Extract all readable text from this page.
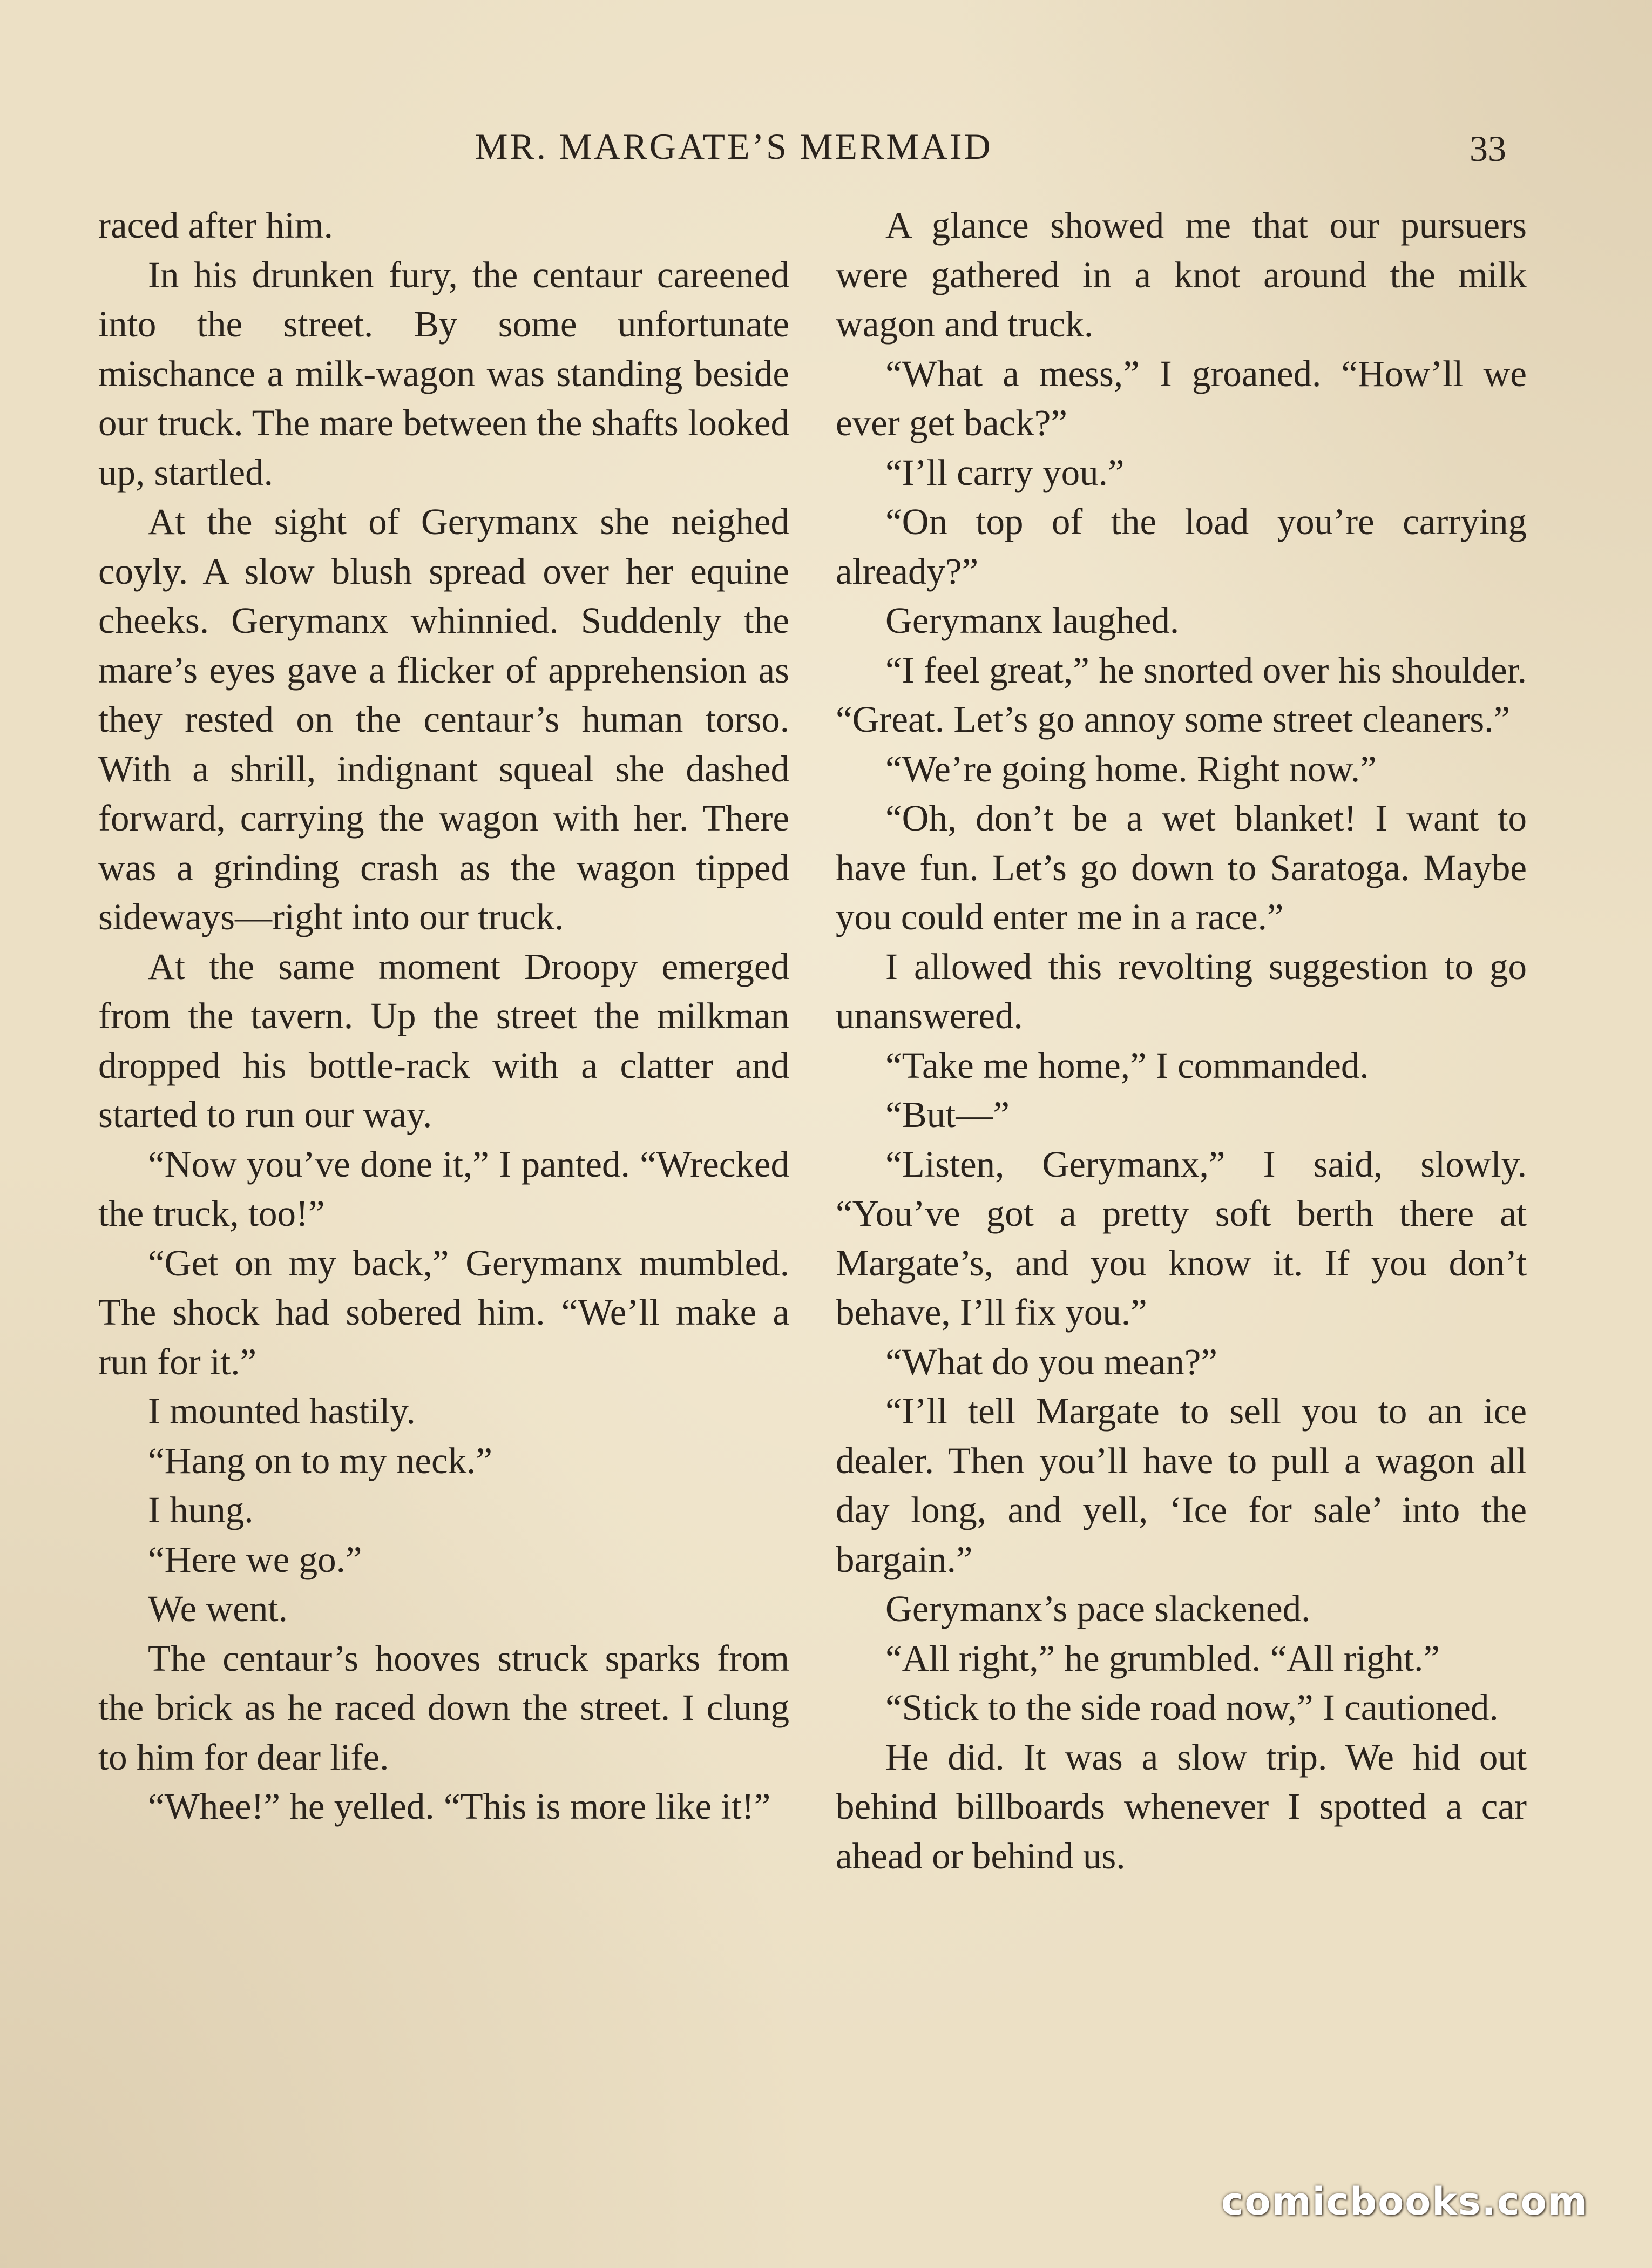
MR. MARGATE’S MERMAID	33

raced after him.

In his drunken fury, the centaur careened into the street. By some unfortunate mischance a milk-wagon was standing beside our truck. The mare between the shafts looked up, startled.

At the sight of Gerymanx she neighed coyly. A slow blush spread over her equine cheeks. Gerymanx whinnied. Suddenly the mare’s eyes gave a flicker of apprehension as they rested on the centaur’s human torso. With a shrill, indignant squeal she dashed forward, carrying the wagon with her. There was a grinding crash as the wagon tipped sideways—right into our truck.

At the same moment Droopy emerged from the tavern. Up the street the milkman dropped his bottle-rack with a clatter and started to run our way.

“Now you’ve done it,” I panted. “Wrecked the truck, too!”

“Get on my back,” Gerymanx mumbled. The shock had sobered him. “We’ll make a run for it.”

I mounted hastily.

“Hang on to my neck.”

I hung.

“Here we go.”

We went.

The centaur’s hooves struck sparks from the brick as he raced down the street. I clung to him for dear life.

“Whee!” he yelled. “This is more like it!”

A glance showed me that our pursuers were gathered in a knot around the milk wagon and truck.

“What a mess,” I groaned. “How’ll we ever get back?”

“I’ll carry you.”

“On top of the load you’re carrying already?”

Gerymanx laughed.

“I feel great,” he snorted over his shoulder. “Great. Let’s go annoy some street cleaners.”

“We’re going home. Right now.”

“Oh, don’t be a wet blanket! I want to have fun. Let’s go down to Saratoga. Maybe you could enter me in a race.”

I allowed this revolting suggestion to go unanswered.

“Take me home,” I commanded.

“But—”

“Listen, Gerymanx,” I said, slowly. “You’ve got a pretty soft berth there at Margate’s, and you know it. If you don’t behave, I’ll fix you.”

“What do you mean?”

“I’ll tell Margate to sell you to an ice dealer. Then you’ll have to pull a wagon all day long, and yell, ‘Ice for sale’ into the bargain.”

Gerymanx’s pace slackened.

“All right,” he grumbled. “All right.”

“Stick to the side road now,” I cautioned.

He did. It was a slow trip. We hid out behind billboards whenever I spotted a car ahead or behind us.

comicbooks.com
